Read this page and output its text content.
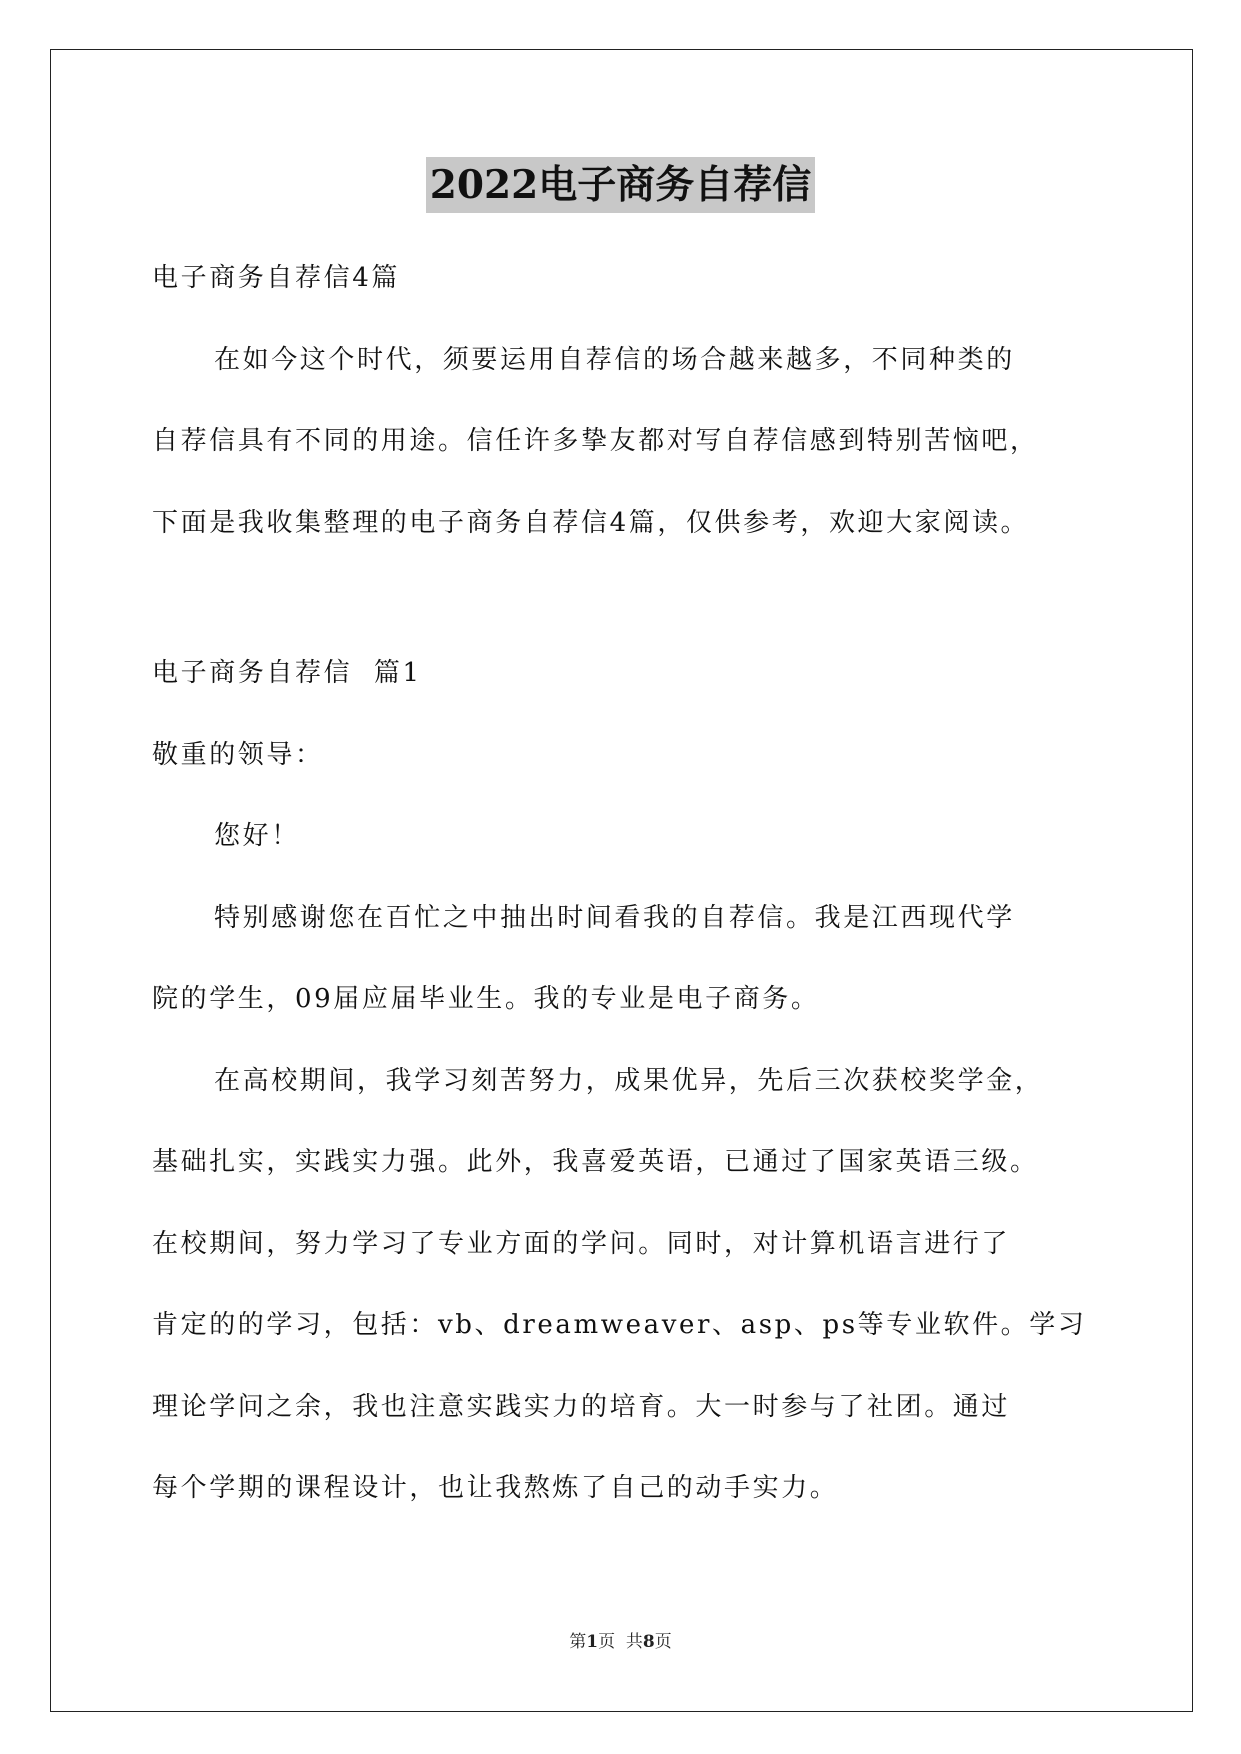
2022电子商务自荐信

电子商务自荐信4篇

在如今这个时代，须要运用自荐信的场合越来越多，不同种类的

自荐信具有不同的用途。信任许多挚友都对写自荐信感到特别苦恼吧，

下面是我收集整理的电子商务自荐信4篇，仅供参考，欢迎大家阅读。

电子商务自荐信  篇1

敬重的领导：

您好！

特别感谢您在百忙之中抽出时间看我的自荐信。我是江西现代学

院的学生，09届应届毕业生。我的专业是电子商务。

在高校期间，我学习刻苦努力，成果优异，先后三次获校奖学金，

基础扎实，实践实力强。此外，我喜爱英语，已通过了国家英语三级。

在校期间，努力学习了专业方面的学问。同时，对计算机语言进行了

肯定的的学习，包括：vb、dreamweaver、asp、ps等专业软件。学习

理论学问之余，我也注意实践实力的培育。大一时参与了社团。通过

每个学期的课程设计，也让我熬炼了自己的动手实力。

第1页  共8页
